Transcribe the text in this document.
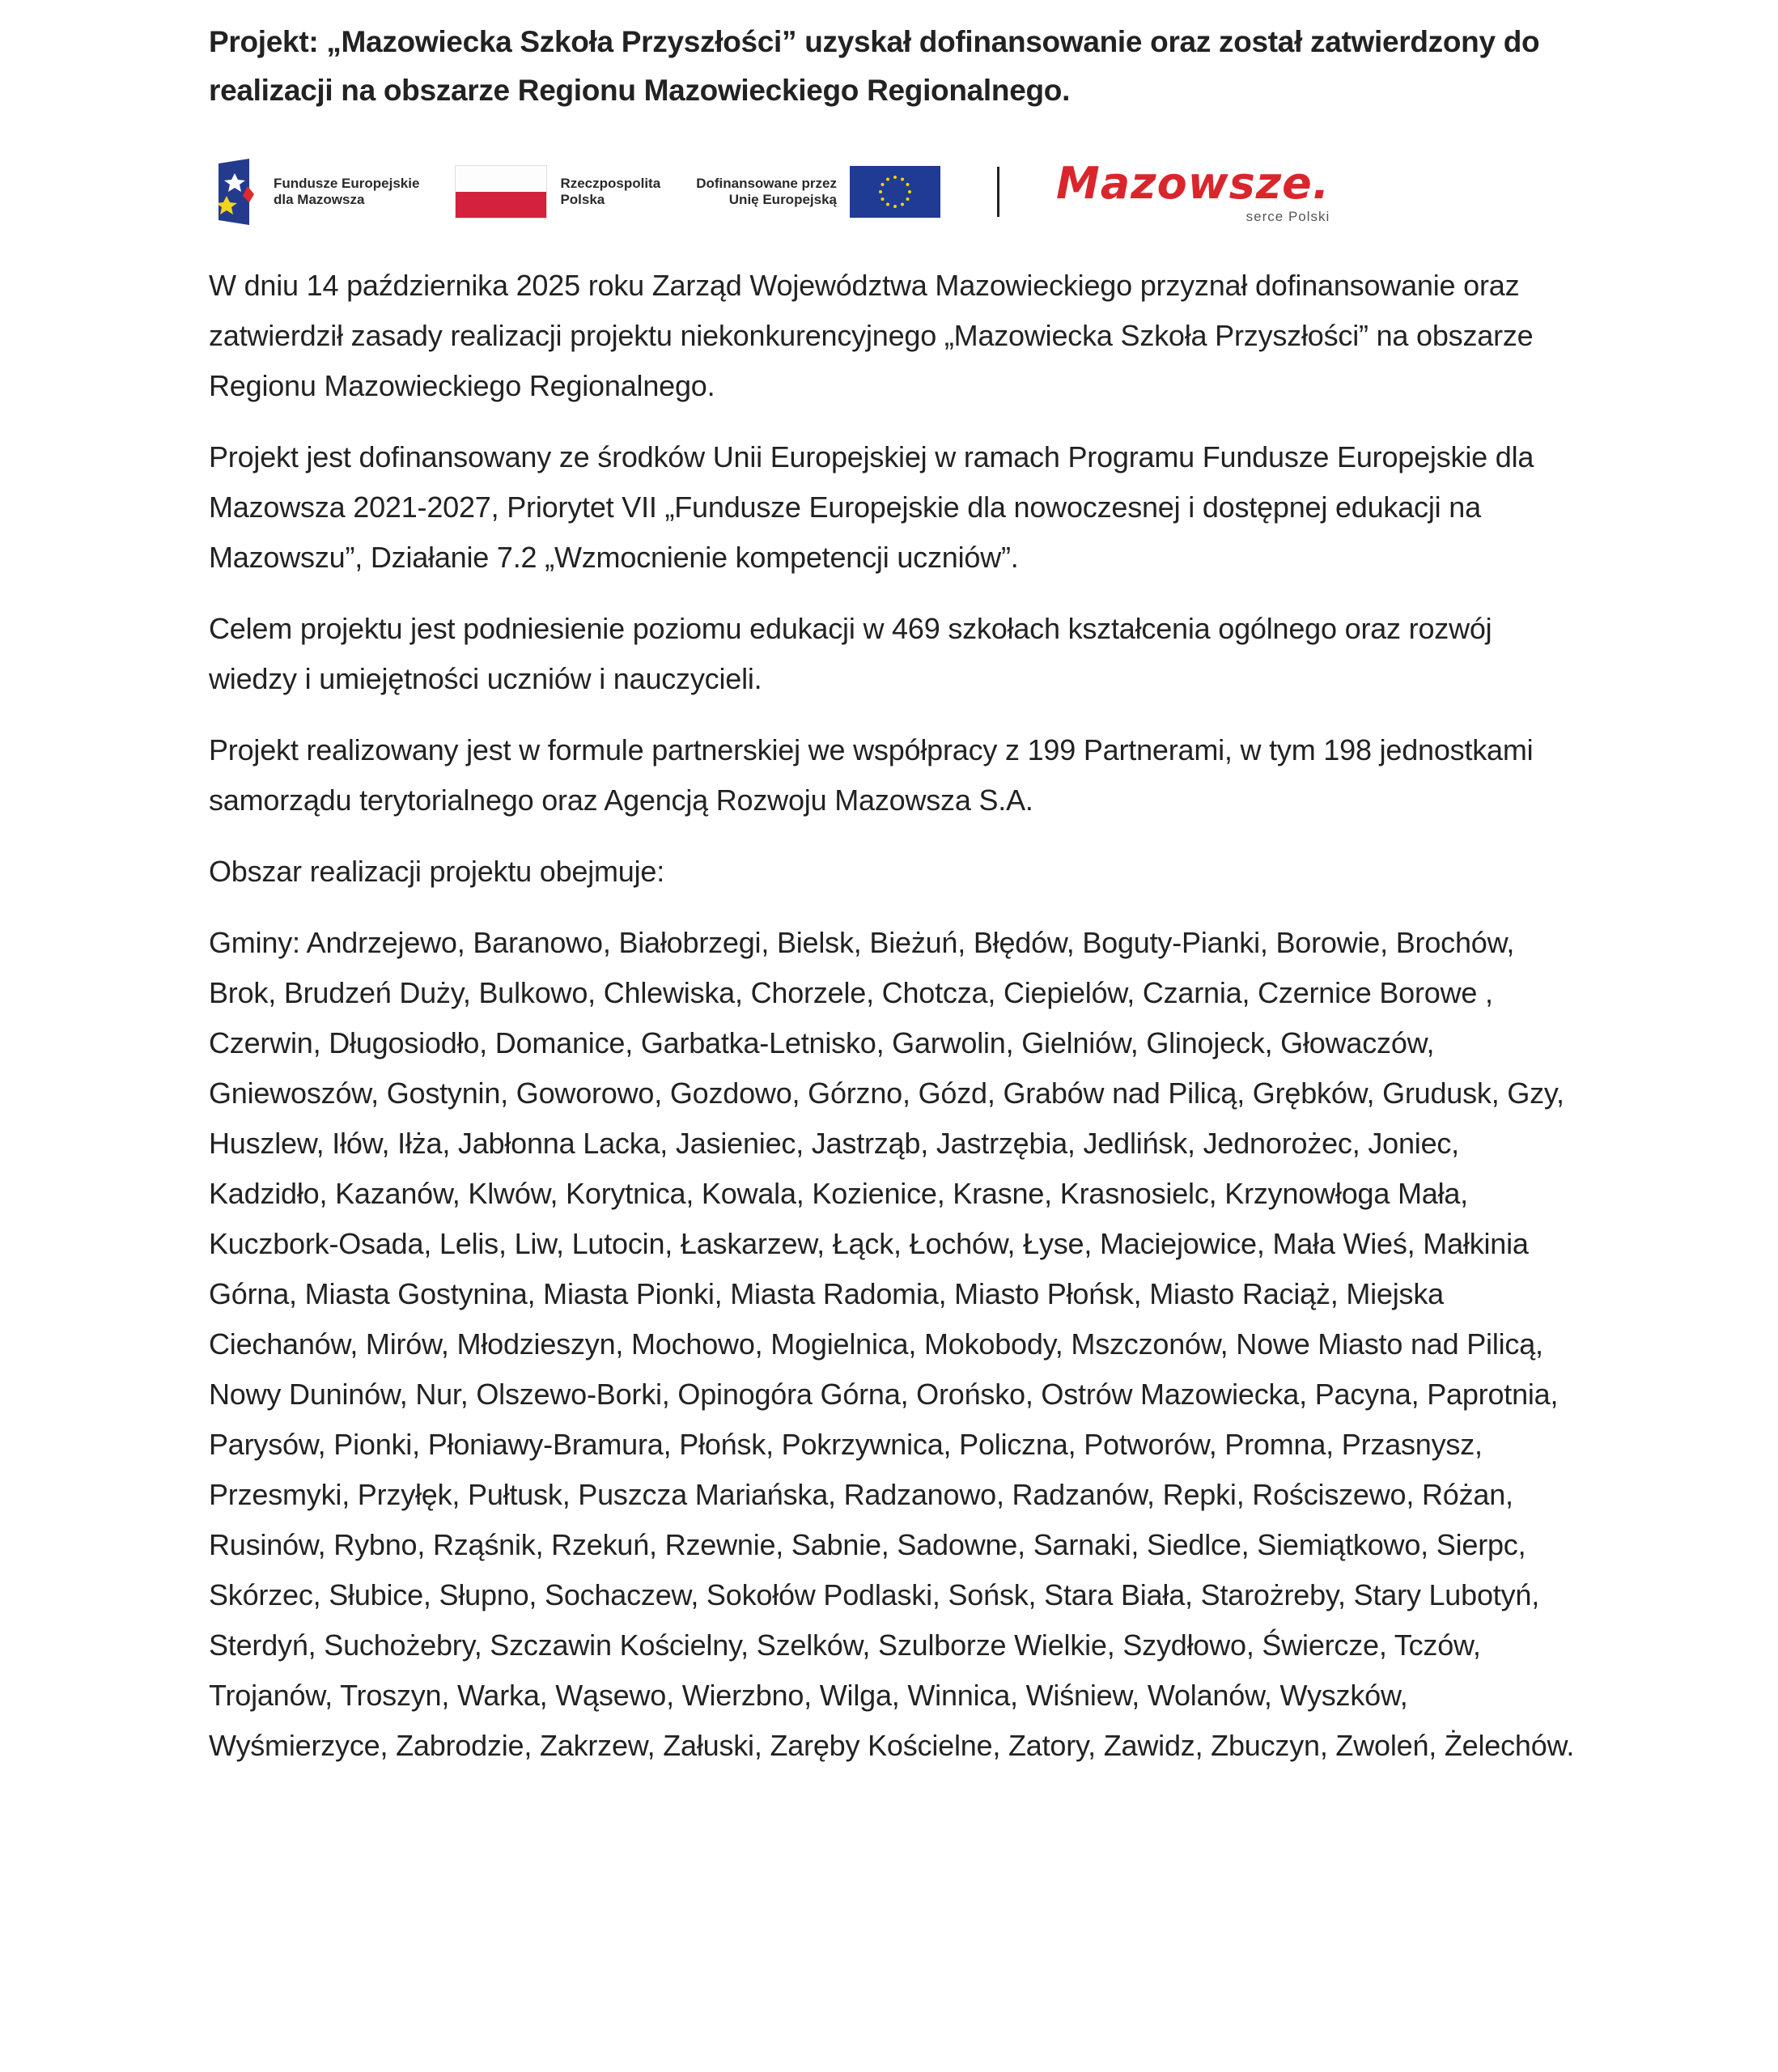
Projekt: „Mazowiecka Szkoła Przyszłości” uzyskał dofinansowanie oraz został zatwierdzony do realizacji na obszarze Regionu Mazowieckiego Regionalnego.
Fundusze Europejskie
dla Mazowsza
Rzeczpospolita
Polska
Dofinansowane przez
Unię Europejską	Mazowsze.
serce Polski

W dniu 14 października 2025 roku Zarząd Województwa Mazowieckiego przyznał dofinansowanie oraz zatwierdził zasady realizacji projektu niekonkurencyjnego „Mazowiecka Szkoła Przyszłości” na obszarze Regionu Mazowieckiego Regionalnego.

Projekt jest dofinansowany ze środków Unii Europejskiej w ramach Programu Fundusze Europejskie dla Mazowsza 2021-2027, Priorytet VII „Fundusze Europejskie dla nowoczesnej i dostępnej edukacji na Mazowszu”, Działanie 7.2 „Wzmocnienie kompetencji uczniów”.

Celem projektu jest podniesienie poziomu edukacji w 469 szkołach kształcenia ogólnego oraz rozwój wiedzy i umiejętności uczniów i nauczycieli.

Projekt realizowany jest w formule partnerskiej we współpracy z 199 Partnerami, w tym 198 jednostkami samorządu terytorialnego oraz Agencją Rozwoju Mazowsza S.A.

Obszar realizacji projektu obejmuje:

Gminy: Andrzejewo, Baranowo, Białobrzegi, Bielsk, Bieżuń, Błędów, Boguty-Pianki, Borowie, Brochów, Brok, Brudzeń Duży, Bulkowo, Chlewiska, Chorzele, Chotcza, Ciepielów, Czarnia, Czernice Borowe , Czerwin, Długosiodło, Domanice, Garbatka-Letnisko, Garwolin, Gielniów, Glinojeck, Głowaczów, Gniewoszów, Gostynin, Goworowo, Gozdowo, Górzno, Gózd, Grabów nad Pilicą, Grębków, Grudusk, Gzy, Huszlew, Iłów, Iłża, Jabłonna Lacka, Jasieniec, Jastrząb, Jastrzębia, Jedlińsk, Jednorożec, Joniec, Kadzidło, Kazanów, Klwów, Korytnica, Kowala, Kozienice, Krasne, Krasnosielc, Krzynowłoga Mała, Kuczbork-Osada, Lelis, Liw, Lutocin, Łaskarzew, Łąck, Łochów, Łyse, Maciejowice, Mała Wieś, Małkinia Górna, Miasta Gostynina, Miasta Pionki, Miasta Radomia, Miasto Płońsk, Miasto Raciąż, Miejska Ciechanów, Mirów, Młodzieszyn, Mochowo, Mogielnica, Mokobody, Mszczonów, Nowe Miasto nad Pilicą, Nowy Duninów, Nur, Olszewo-Borki, Opinogóra Górna, Orońsko, Ostrów Mazowiecka, Pacyna, Paprotnia, Parysów, Pionki, Płoniawy-Bramura, Płońsk, Pokrzywnica, Policzna, Potworów, Promna, Przasnysz, Przesmyki, Przyłęk, Pułtusk, Puszcza Mariańska, Radzanowo, Radzanów, Repki, Rościszewo, Różan, Rusinów, Rybno, Rząśnik, Rzekuń, Rzewnie, Sabnie, Sadowne, Sarnaki, Siedlce, Siemiątkowo, Sierpc, Skórzec, Słubice, Słupno, Sochaczew, Sokołów Podlaski, Sońsk, Stara Biała, Starożreby, Stary Lubotyń, Sterdyń, Suchożebry, Szczawin Kościelny, Szelków, Szulborze Wielkie, Szydłowo, Świercze, Tczów, Trojanów, Troszyn, Warka, Wąsewo, Wierzbno, Wilga, Winnica, Wiśniew, Wolanów, Wyszków, Wyśmierzyce, Zabrodzie, Zakrzew, Załuski, Zaręby Kościelne, Zatory, Zawidz, Zbuczyn, Zwoleń, Żelechów.
